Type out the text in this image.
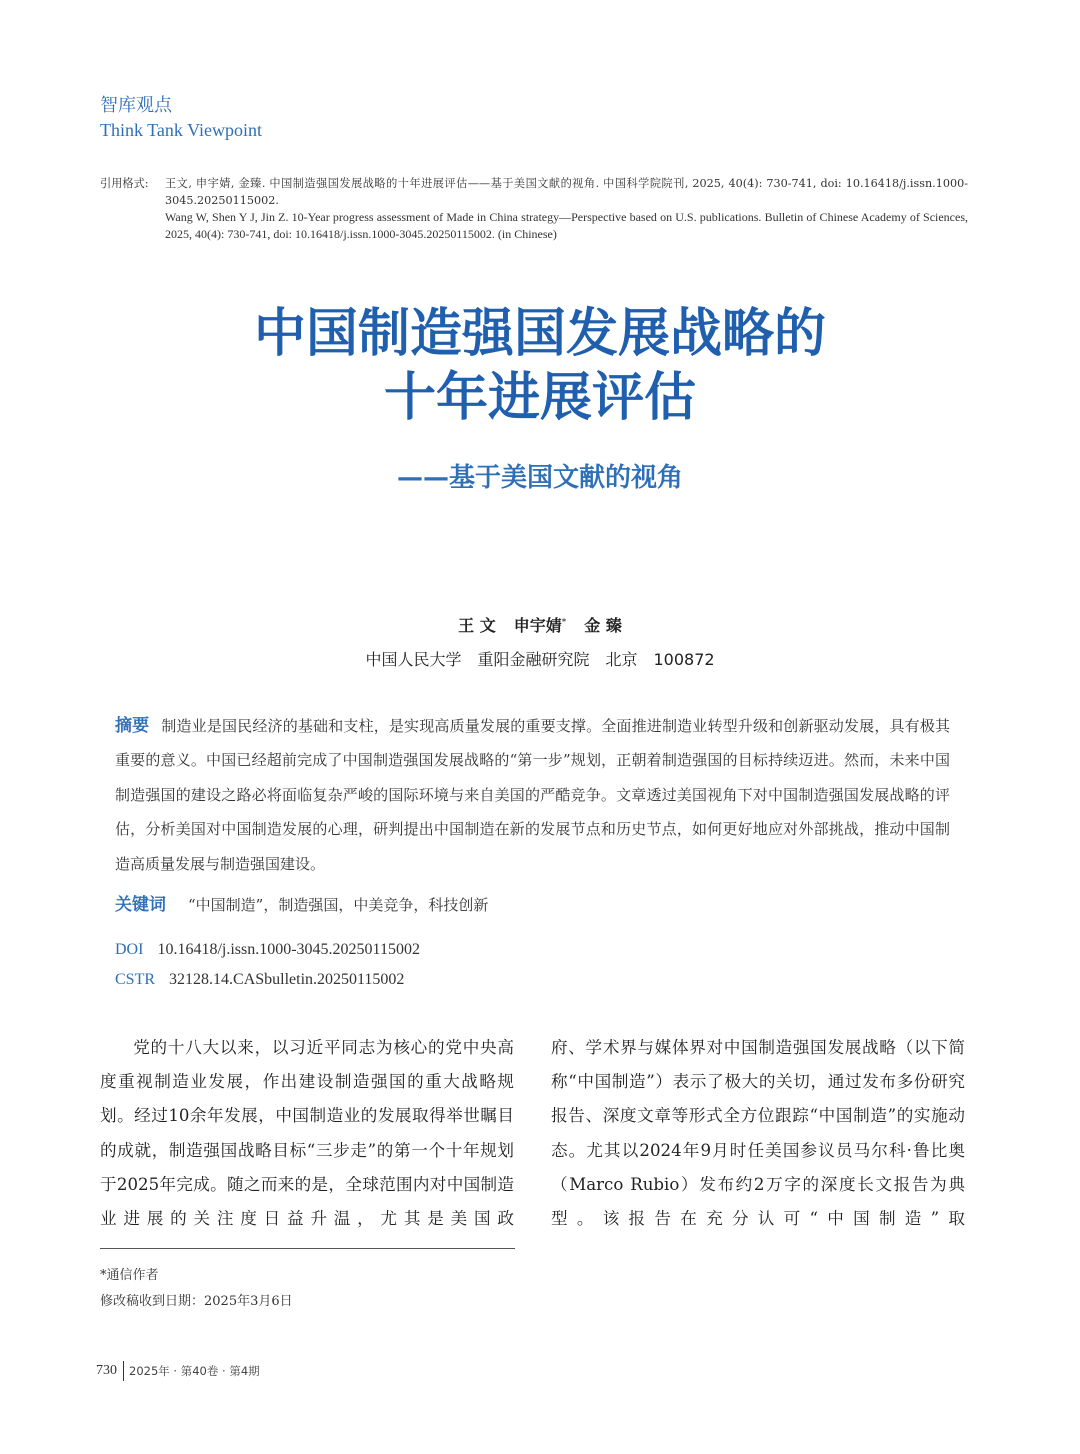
智库观点
Think Tank Viewpoint
引用格式: 王文, 申宇婧, 金臻. 中国制造强国发展战略的十年进展评估——基于美国文献的视角. 中国科学院院刊, 2025, 40(4): 730-741, doi: 10.16418/j.issn.1000-3045.20250115002.

Wang W, Shen Y J, Jin Z. 10-Year progress assessment of Made in China strategy—Perspective based on U.S. publications. Bulletin of Chinese Academy of Sciences, 2025, 40(4): 730-741, doi: 10.16418/j.issn.1000-3045.20250115002. (in Chinese)

中国制造强国发展战略的
十年进展评估
——基于美国文献的视角
王 文 申宇婧* 金 臻
中国人民大学 重阳金融研究院 北京 100872
摘要 制造业是国民经济的基础和支柱，是实现高质量发展的重要支撑。全面推进制造业转型升级和创新驱动发展，具有极其重要的意义。中国已经超前完成了中国制造强国发展战略的“第一步”规划，正朝着制造强国的目标持续迈进。然而，未来中国制造强国的建设之路必将面临复杂严峻的国际环境与来自美国的严酷竞争。文章透过美国视角下对中国制造强国发展战略的评估，分析美国对中国制造发展的心理，研判提出中国制造在新的发展节点和历史节点，如何更好地应对外部挑战，推动中国制造高质量发展与制造强国建设。
关键词 “中国制造”，制造强国，中美竞争，科技创新
DOI 10.16418/j.issn.1000-3045.20250115002
CSTR 32128.14.CASbulletin.20250115002

党的十八大以来，以习近平同志为核心的党中央高度重视制造业发展，作出建设制造强国的重大战略规划。经过10余年发展，中国制造业的发展取得举世瞩目的成就，制造强国战略目标“三步走”的第一个十年规划于2025年完成。随之而来的是，全球范围内对中国制造业进展的关注度日益升温，尤其是美国政

府、学术界与媒体界对中国制造强国发展战略（以下简称“中国制造”）表示了极大的关切，通过发布多份研究报告、深度文章等形式全方位跟踪“中国制造”的实施动态。尤其以2024年9月时任美国参议员马尔科·鲁比奥（Marco Rubio）发布约2万字的深度长文报告为典型。该报告在充分认可“中国制造”取

*通信作者
修改稿收到日期：2025年3月6日
730 2025年 · 第40卷 · 第4期
